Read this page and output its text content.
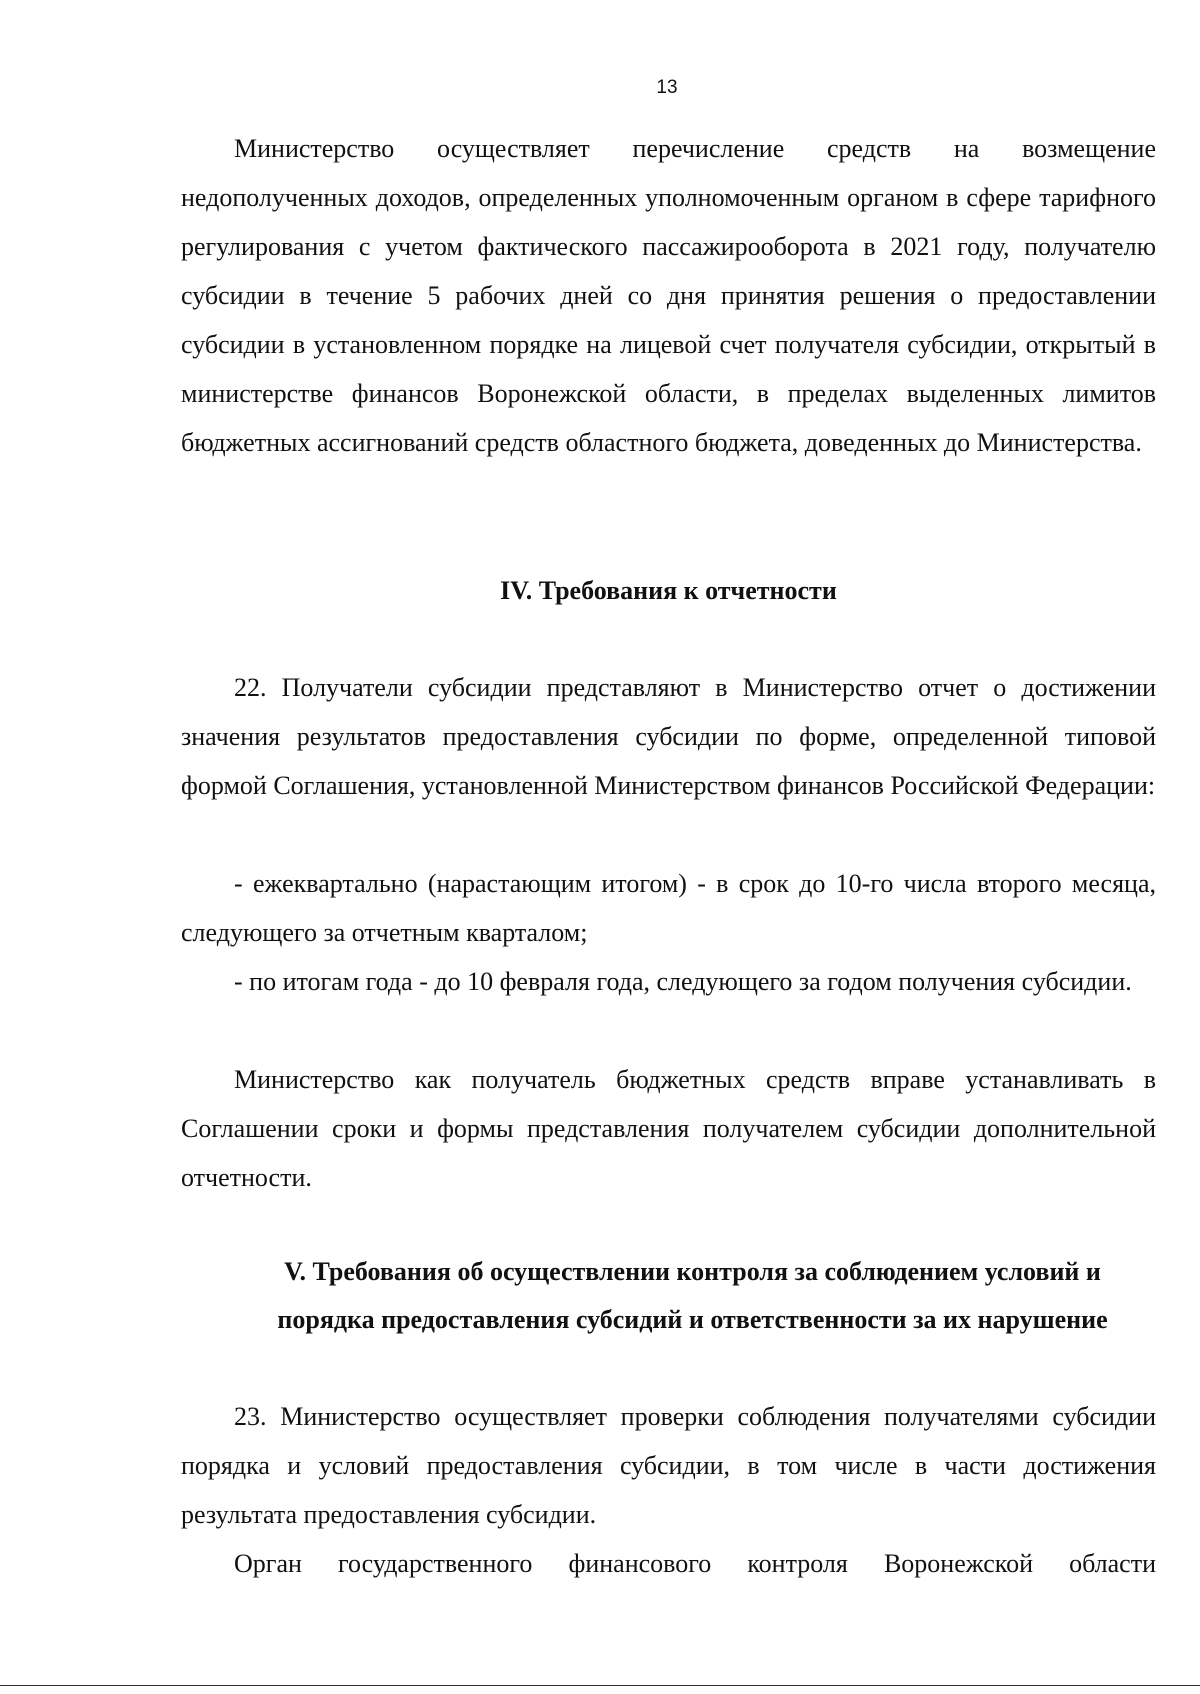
13

Министерство осуществляет перечисление средств на возмещение недополученных доходов, определенных уполномоченным органом в сфере тарифного регулирования с учетом фактического пассажирооборота в 2021 году, получателю субсидии в течение 5 рабочих дней со дня принятия решения о предоставлении субсидии в установленном порядке на лицевой счет получателя субсидии, открытый в министерстве финансов Воронежской области, в пределах выделенных лимитов бюджетных ассигнований средств областного бюджета, доведенных до Министерства.

IV. Требования к отчетности

22. Получатели субсидии представляют в Министерство отчет о достижении значения результатов предоставления субсидии по форме, определенной типовой формой Соглашения, установленной Министерством финансов Российской Федерации:

- ежеквартально (нарастающим итогом) - в срок до 10-го числа второго месяца, следующего за отчетным кварталом;

- по итогам года - до 10 февраля года, следующего за годом получения субсидии.

Министерство как получатель бюджетных средств вправе устанавливать в Соглашении сроки и формы представления получателем субсидии дополнительной отчетности.

V. Требования об осуществлении контроля за соблюдением условий и
порядка предоставления субсидий и ответственности за их нарушение

23. Министерство осуществляет проверки соблюдения получателями субсидии порядка и условий предоставления субсидии, в том числе в части достижения результата предоставления субсидии.

Орган государственного финансового контроля Воронежской области
